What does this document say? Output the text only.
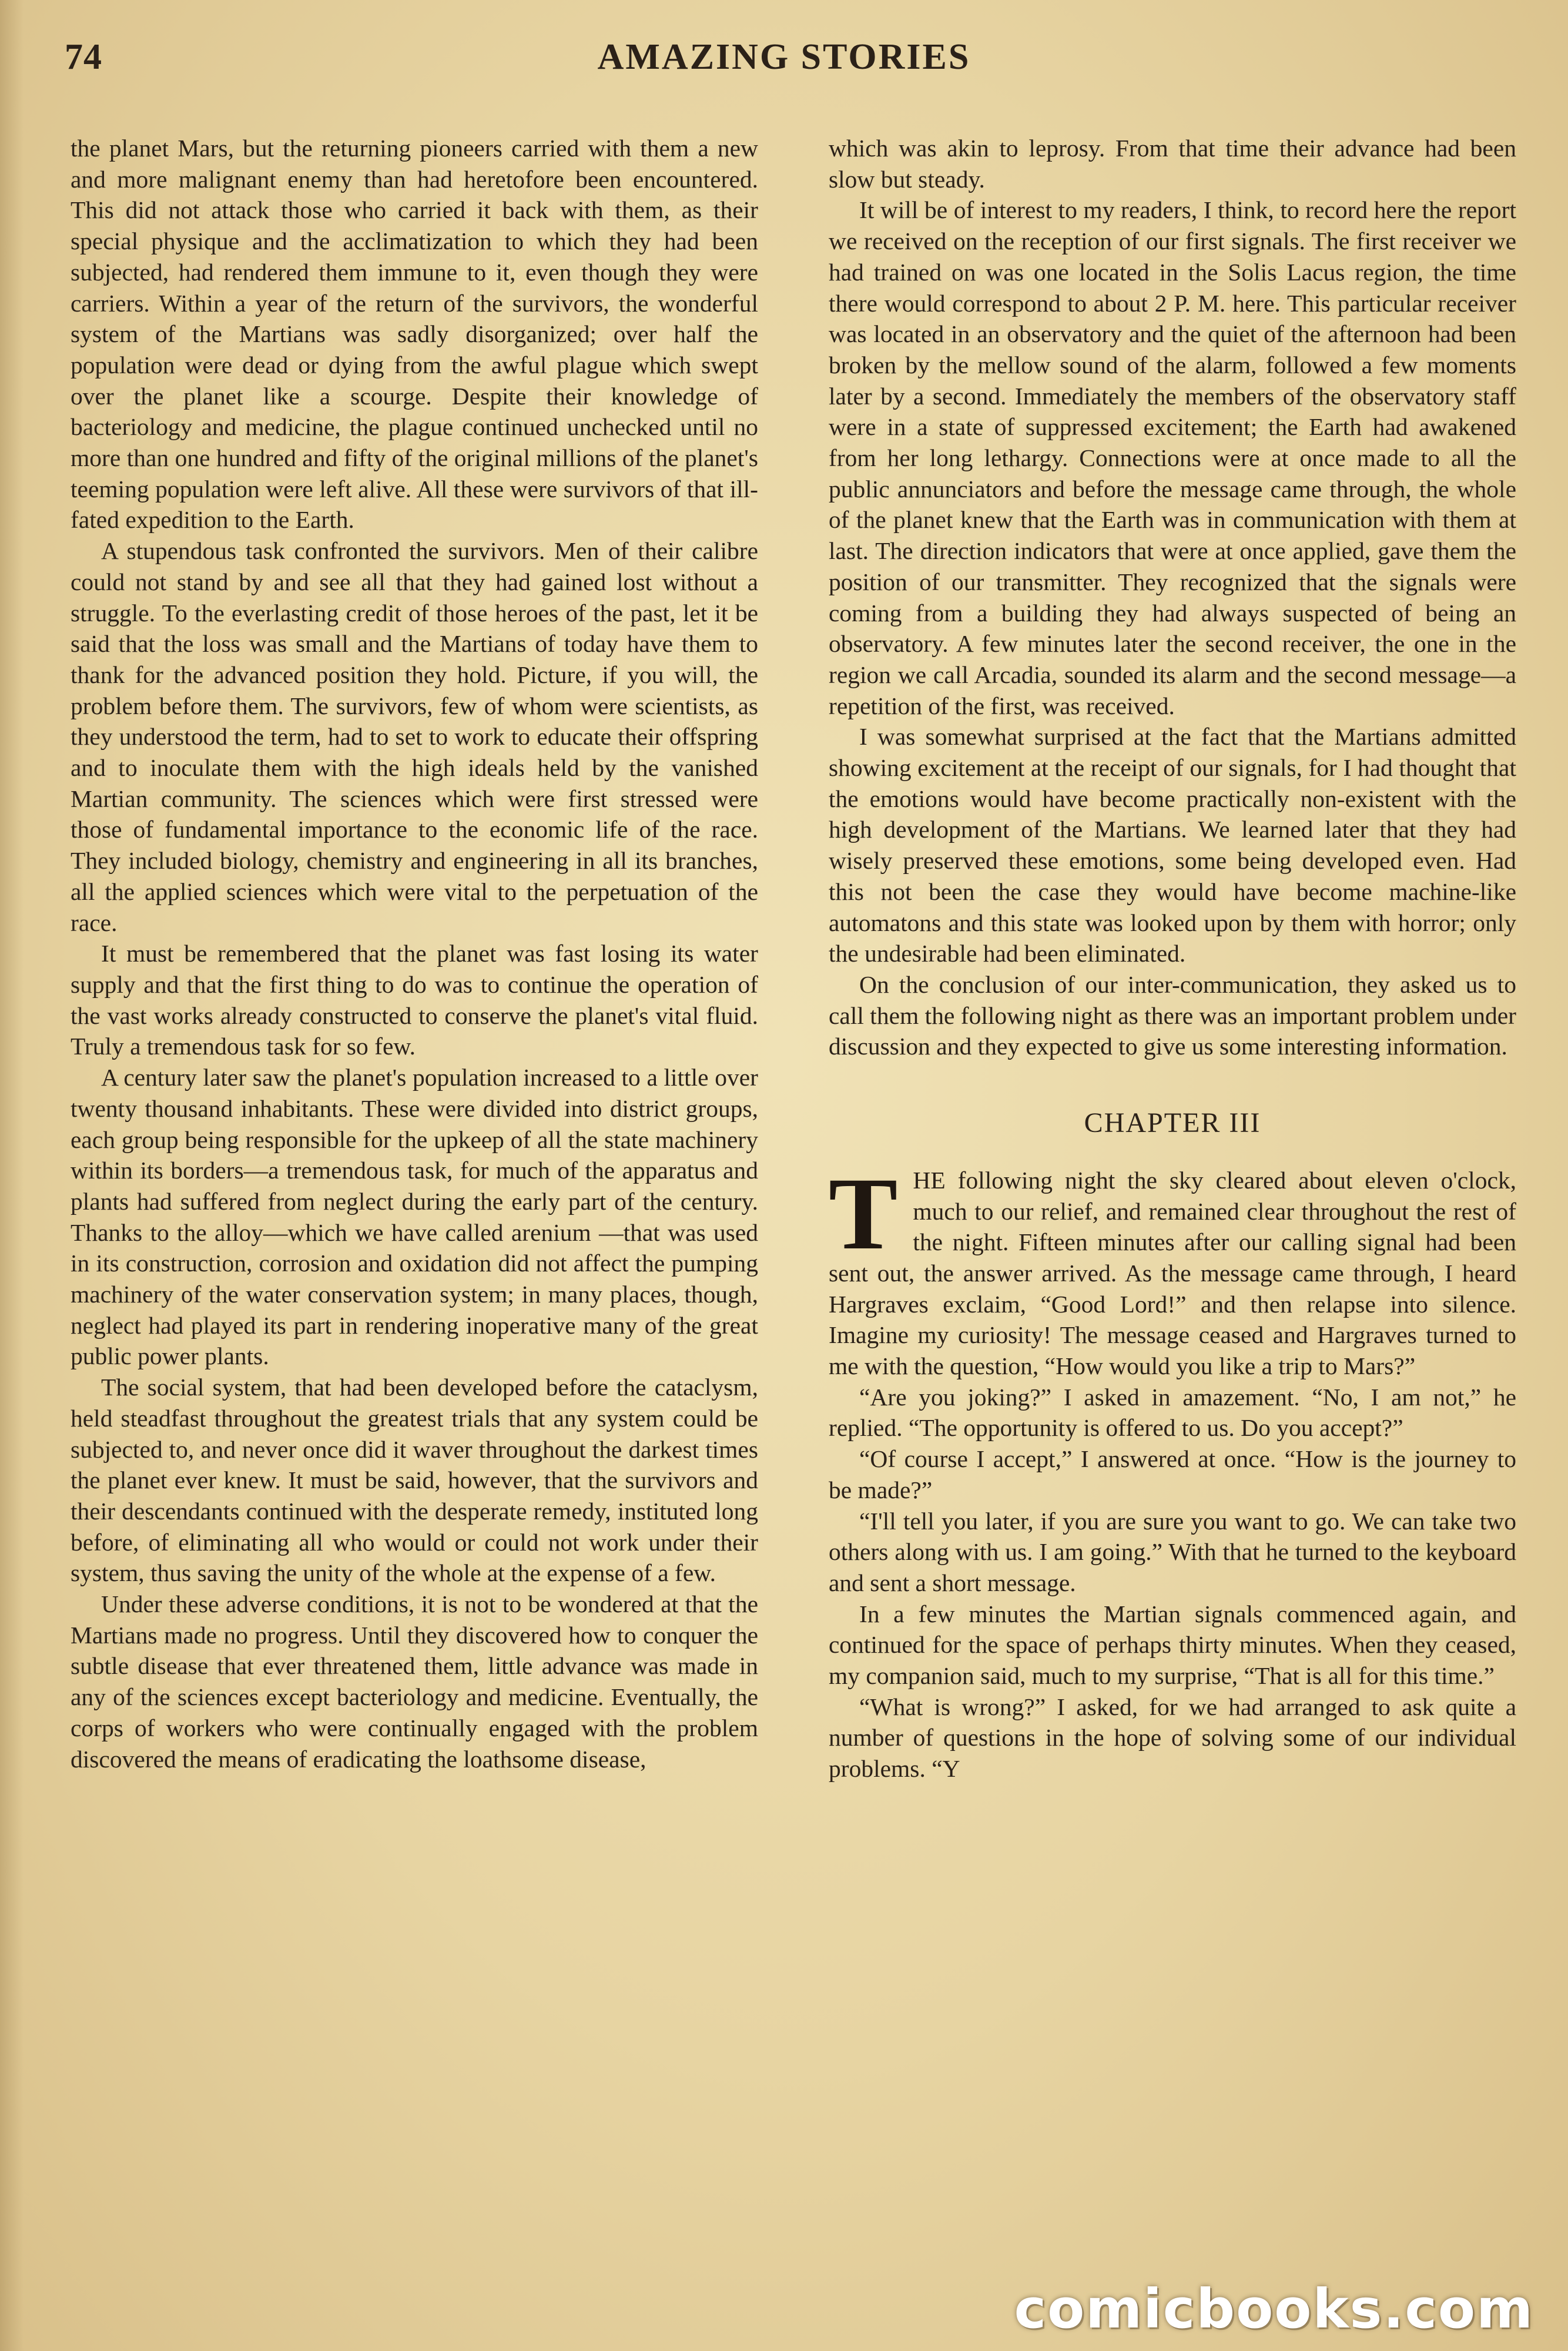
74	AMAZING STORIES

the planet Mars, but the returning pioneers carried with them a new and more malignant enemy than had heretofore been encountered. This did not attack those who carried it back with them, as their special physique and the acclimatization to which they had been subjected, had rendered them immune to it, even though they were carriers. Within a year of the return of the survivors, the wonderful system of the Martians was sadly disorganized; over half the population were dead or dying from the awful plague which swept over the planet like a scourge. Despite their knowledge of bacteriology and medicine, the plague continued unchecked until no more than one hundred and fifty of the original millions of the planet's teeming population were left alive. All these were survivors of that ill-fated expedition to the Earth.

A stupendous task confronted the survivors. Men of their calibre could not stand by and see all that they had gained lost without a struggle. To the everlasting credit of those heroes of the past, let it be said that the loss was small and the Martians of today have them to thank for the advanced position they hold. Picture, if you will, the problem before them. The survivors, few of whom were scientists, as they understood the term, had to set to work to educate their offspring and to inoculate them with the high ideals held by the vanished Martian community. The sciences which were first stressed were those of fundamental importance to the economic life of the race. They included biology, chemistry and engineering in all its branches, all the applied sciences which were vital to the perpetuation of the race.

It must be remembered that the planet was fast losing its water supply and that the first thing to do was to continue the operation of the vast works already constructed to conserve the planet's vital fluid. Truly a tremendous task for so few.

A century later saw the planet's population increased to a little over twenty thousand inhabitants. These were divided into district groups, each group being responsible for the upkeep of all the state machinery within its borders—a tremendous task, for much of the apparatus and plants had suffered from neglect during the early part of the century. Thanks to the alloy—which we have called arenium —that was used in its construction, corrosion and oxidation did not affect the pumping machinery of the water conservation system; in many places, though, neglect had played its part in rendering inoperative many of the great public power plants.

The social system, that had been developed before the cataclysm, held steadfast throughout the greatest trials that any system could be subjected to, and never once did it waver throughout the darkest times the planet ever knew. It must be said, however, that the survivors and their descendants continued with the desperate remedy, instituted long before, of eliminating all who would or could not work under their system, thus saving the unity of the whole at the expense of a few.

Under these adverse conditions, it is not to be wondered at that the Martians made no progress. Until they discovered how to conquer the subtle disease that ever threatened them, little advance was made in any of the sciences except bacteriology and medicine. Eventually, the corps of workers who were continually engaged with the problem discovered the means of eradicating the loathsome disease,

which was akin to leprosy. From that time their advance had been slow but steady.

It will be of interest to my readers, I think, to record here the report we received on the reception of our first signals. The first receiver we had trained on was one located in the Solis Lacus region, the time there would correspond to about 2 P. M. here. This particular receiver was located in an observatory and the quiet of the afternoon had been broken by the mellow sound of the alarm, followed a few moments later by a second. Immediately the members of the observatory staff were in a state of suppressed excitement; the Earth had awakened from her long lethargy. Connections were at once made to all the public annunciators and before the message came through, the whole of the planet knew that the Earth was in communication with them at last. The direction indicators that were at once applied, gave them the position of our transmitter. They recognized that the signals were coming from a building they had always suspected of being an observatory. A few minutes later the second receiver, the one in the region we call Arcadia, sounded its alarm and the second message—a repetition of the first, was received.

I was somewhat surprised at the fact that the Martians admitted showing excitement at the receipt of our signals, for I had thought that the emotions would have become practically non-existent with the high development of the Martians. We learned later that they had wisely preserved these emotions, some being developed even. Had this not been the case they would have become machine-like automatons and this state was looked upon by them with horror; only the undesirable had been eliminated.

On the conclusion of our inter-communication, they asked us to call them the following night as there was an important problem under discussion and they expected to give us some interesting information.

CHAPTER III

THE following night the sky cleared about eleven o'clock, much to our relief, and remained clear throughout the rest of the night. Fifteen minutes after our calling signal had been sent out, the answer arrived. As the message came through, I heard Hargraves exclaim, “Good Lord!” and then relapse into silence. Imagine my curiosity! The message ceased and Hargraves turned to me with the question, “How would you like a trip to Mars?”

“Are you joking?” I asked in amazement. “No, I am not,” he replied. “The opportunity is offered to us. Do you accept?”

“Of course I accept,” I answered at once. “How is the journey to be made?”

“I'll tell you later, if you are sure you want to go. We can take two others along with us. I am going.” With that he turned to the keyboard and sent a short message.

In a few minutes the Martian signals commenced again, and continued for the space of perhaps thirty minutes. When they ceased, my companion said, much to my surprise, “That is all for this time.”

“What is wrong?” I asked, for we had arranged to ask quite a number of questions in the hope of solving some of our individual problems. “Y

comicbooks.com
